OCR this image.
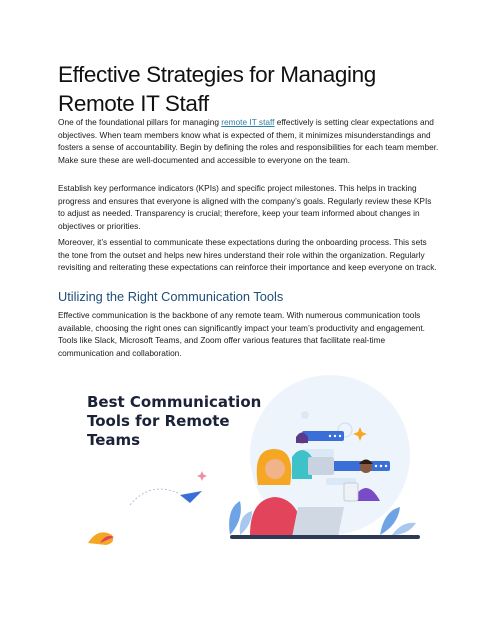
Effective Strategies for Managing Remote IT Staff

One of the foundational pillars for managing remote IT staff effectively is setting clear expectations and objectives. When team members know what is expected of them, it minimizes misunderstandings and fosters a sense of accountability. Begin by defining the roles and responsibilities for each team member. Make sure these are well-documented and accessible to everyone on the team.

Establish key performance indicators (KPIs) and specific project milestones. This helps in tracking progress and ensures that everyone is aligned with the company’s goals. Regularly review these KPIs to adjust as needed. Transparency is crucial; therefore, keep your team informed about changes in objectives or priorities.

Moreover, it’s essential to communicate these expectations during the onboarding process. This sets the tone from the outset and helps new hires understand their role within the organization. Regularly revisiting and reiterating these expectations can reinforce their importance and keep everyone on track.

Utilizing the Right Communication Tools

Effective communication is the backbone of any remote team. With numerous communication tools available, choosing the right ones can significantly impact your team’s productivity and engagement. Tools like Slack, Microsoft Teams, and Zoom offer various features that facilitate real-time communication and collaboration.

Best Communication
Tools for Remote
Teams
